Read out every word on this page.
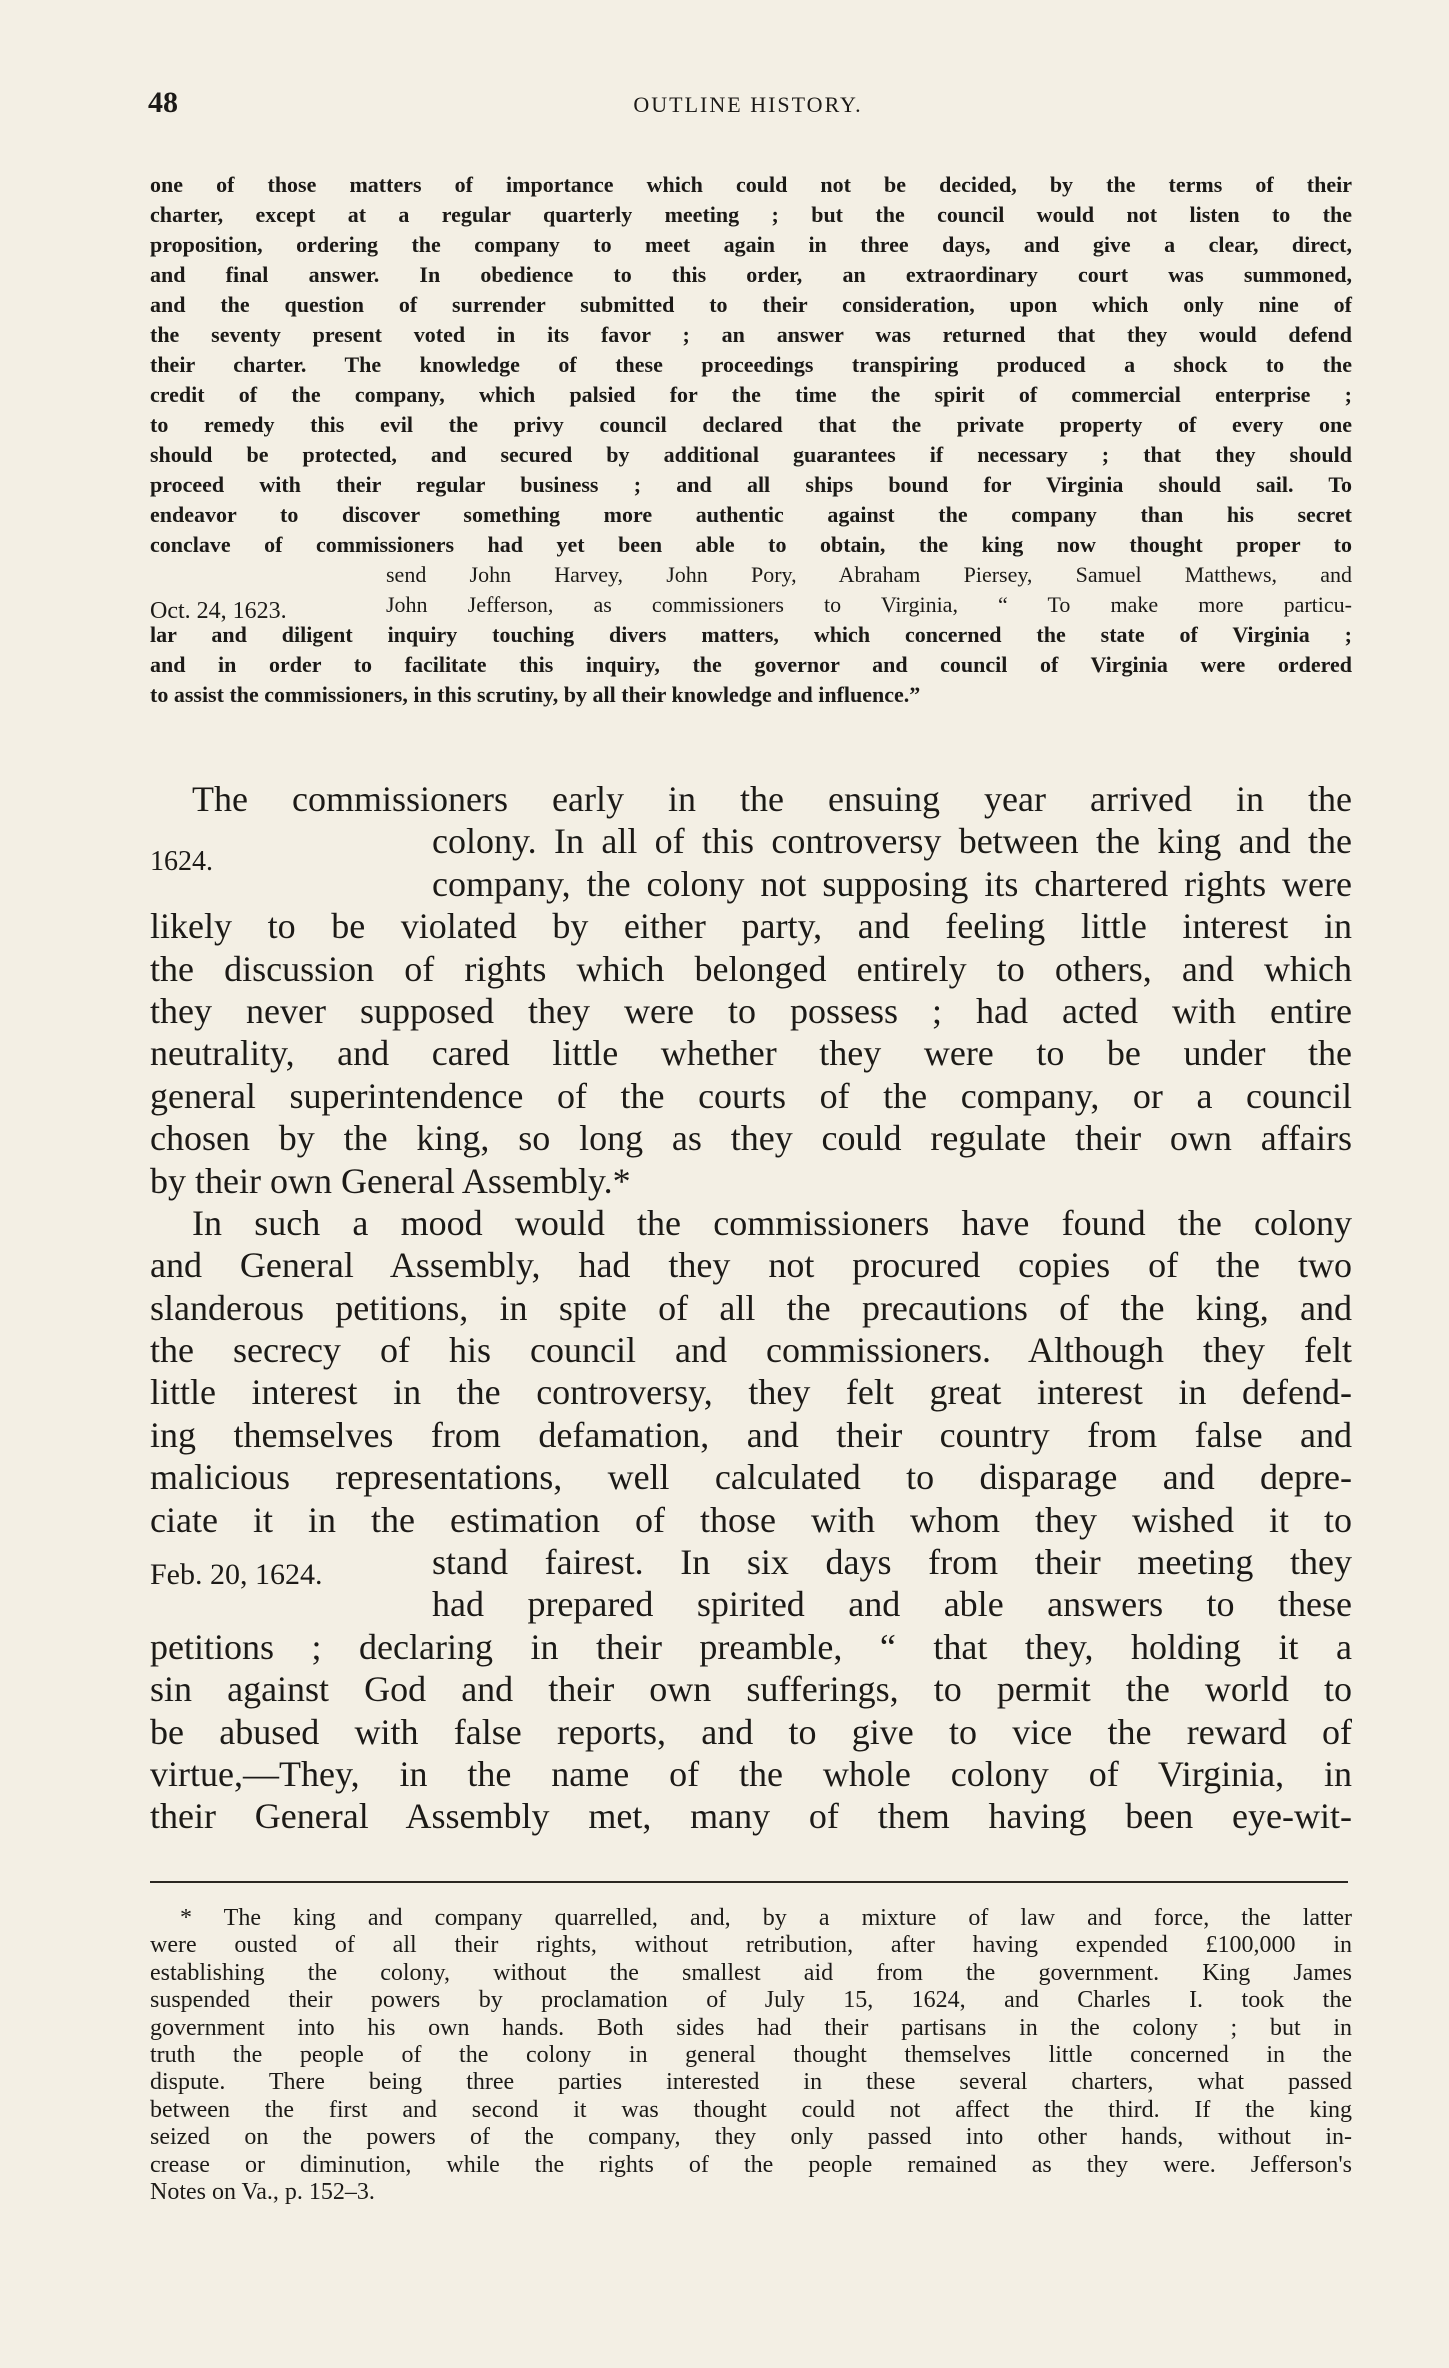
48	OUTLINE HISTORY.
one of those matters of importance which could not be decided, by the terms of their
charter, except at a regular quarterly meeting ; but the council would not listen to the
proposition, ordering the company to meet again in three days, and give a clear, direct,
and final answer. In obedience to this order, an extraordinary court was summoned,
and the question of surrender submitted to their consideration, upon which only nine of
the seventy present voted in its favor ; an answer was returned that they would defend
their charter. The knowledge of these proceedings transpiring produced a shock to the
credit of the company, which palsied for the time the spirit of commercial enterprise ;
to remedy this evil the privy council declared that the private property of every one
should be protected, and secured by additional guarantees if necessary ; that they should
proceed with their regular business ; and all ships bound for Virginia should sail. To
endeavor to discover something more authentic against the company than his secret
conclave of commissioners had yet been able to obtain, the king now thought proper to
send John Harvey, John Pory, Abraham Piersey, Samuel Matthews, and
John Jefferson, as commissioners to Virginia, “ To make more particu-
lar and diligent inquiry touching divers matters, which concerned the state of Virginia ;
and in order to facilitate this inquiry, the governor and council of Virginia were ordered
to assist the commissioners, in this scrutiny, by all their knowledge and influence.”
Oct. 24, 1623.
The commissioners early in the ensuing year arrived in the
colony. In all of this controversy between the king and the
company, the colony not supposing its chartered rights were
likely to be violated by either party, and feeling little interest in
the discussion of rights which belonged entirely to others, and which
they never supposed they were to possess ; had acted with entire
neutrality, and cared little whether they were to be under the
general superintendence of the courts of the company, or a council
chosen by the king, so long as they could regulate their own affairs
by their own General Assembly.*
In such a mood would the commissioners have found the colony
and General Assembly, had they not procured copies of the two
slanderous petitions, in spite of all the precautions of the king, and
the secrecy of his council and commissioners. Although they felt
little interest in the controversy, they felt great interest in defend-
ing themselves from defamation, and their country from false and
malicious representations, well calculated to disparage and depre-
ciate it in the estimation of those with whom they wished it to
stand fairest. In six days from their meeting they
had prepared spirited and able answers to these
petitions ; declaring in their preamble, “ that they, holding it a
sin against God and their own sufferings, to permit the world to
be abused with false reports, and to give to vice the reward of
virtue,—They, in the name of the whole colony of Virginia, in
their General Assembly met, many of them having been eye-wit-
1624.
Feb. 20, 1624.
* The king and company quarrelled, and, by a mixture of law and force, the latter
were ousted of all their rights, without retribution, after having expended £100,000 in
establishing the colony, without the smallest aid from the government. King James
suspended their powers by proclamation of July 15, 1624, and Charles I. took the
government into his own hands. Both sides had their partisans in the colony ; but in
truth the people of the colony in general thought themselves little concerned in the
dispute. There being three parties interested in these several charters, what passed
between the first and second it was thought could not affect the third. If the king
seized on the powers of the company, they only passed into other hands, without in-
crease or diminution, while the rights of the people remained as they were. Jefferson's
Notes on Va., p. 152–3.
